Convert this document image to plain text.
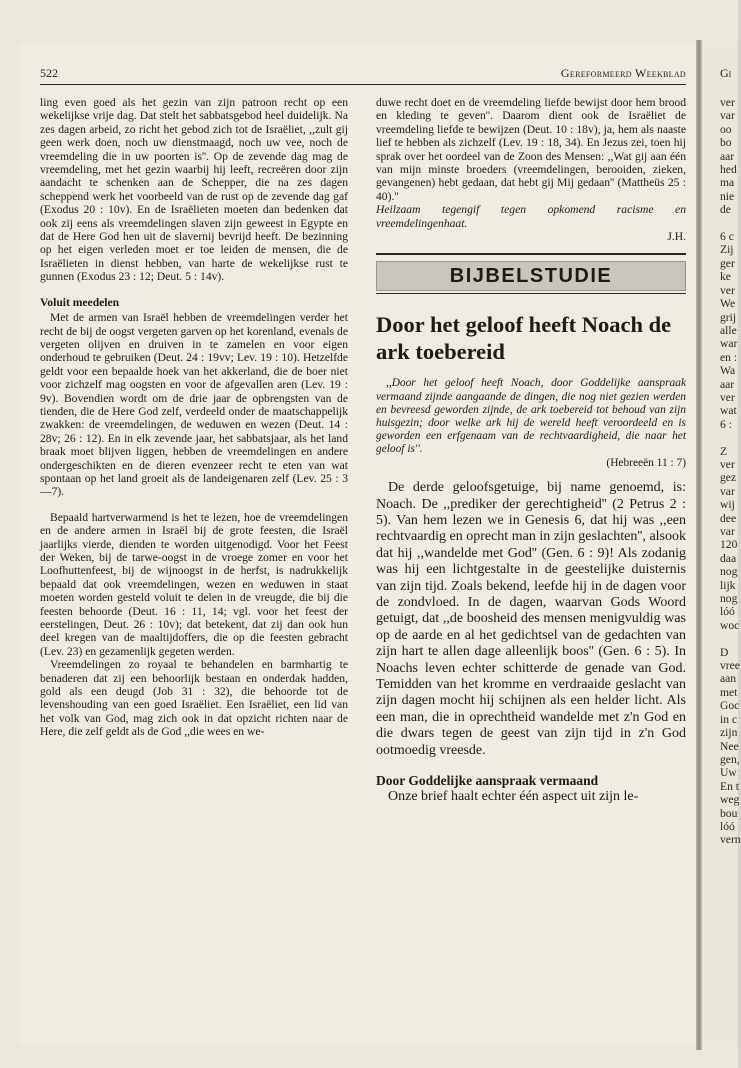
522	Gereformeerd Weekblad	Gi

ling even goed als het gezin van zijn patroon recht op een wekelijkse vrije dag. Dat stelt het sabbatsgebod heel duidelijk. Na zes dagen arbeid, zo richt het gebod zich tot de Israëliet, ,,zult gij geen werk doen, noch uw dienstmaagd, noch uw vee, noch de vreemdeling die in uw poorten is''. Op de zevende dag mag de vreemdeling, met het gezin waarbij hij leeft, recreëren door zijn aandacht te schenken aan de Schepper, die na zes dagen scheppend werk het voorbeeld van de rust op de zevende dag gaf (Exodus 20 : 10v). En de Israëlieten moeten dan bedenken dat ook zij eens als vreemdelingen slaven zijn geweest in Egypte en dat de Here God hen uit de slavernij bevrijd heeft. De bezinning op het eigen verleden moet er toe leiden de mensen, die de Israëlieten in dienst hebben, van harte de wekelijkse rust te gunnen (Exodus 23 : 12; Deut. 5 : 14v).

Voluit meedelen

Met de armen van Israël hebben de vreemdelingen verder het recht de bij de oogst vergeten garven op het korenland, evenals de vergeten olijven en druiven in te zamelen en voor eigen onderhoud te gebruiken (Deut. 24 : 19vv; Lev. 19 : 10). Hetzelfde geldt voor een bepaalde hoek van het akkerland, die de boer niet voor zichzelf mag oogsten en voor de afgevallen aren (Lev. 19 : 9v). Bovendien wordt om de drie jaar de opbrengsten van de tienden, die de Here God zelf, verdeeld onder de maatschappelijk zwakken: de vreemdelingen, de weduwen en wezen (Deut. 14 : 28v; 26 : 12). En in elk zevende jaar, het sabbatsjaar, als het land braak moet blijven liggen, hebben de vreemdelingen en andere ondergeschikten en de dieren evenzeer recht te eten van wat spontaan op het land groeit als de landeigenaren zelf (Lev. 25 : 3—7).

Bepaald hartverwarmend is het te lezen, hoe de vreemdelingen en de andere armen in Israël bij de grote feesten, die Israël jaarlijks vierde, dienden te worden uitgenodigd. Voor het Feest der Weken, bij de tarwe-oogst in de vroege zomer en voor het Loofhuttenfeest, bij de wijnoogst in de herfst, is nadrukkelijk bepaald dat ook vreemdelingen, wezen en weduwen in staat moeten worden gesteld voluit te delen in de vreugde, die bij die feesten behoorde (Deut. 16 : 11, 14; vgl. voor het feest der eerstelingen, Deut. 26 : 10v); dat betekent, dat zij dan ook hun deel kregen van de maaltijdoffers, die op die feesten gebracht (Lev. 23) en gezamenlijk gegeten werden.

Vreemdelingen zo royaal te behandelen en barmhartig te benaderen dat zij een behoorlijk bestaan en onderdak hadden, gold als een deugd (Job 31 : 32), die behoorde tot de levenshouding van een goed Israëliet. Een Israëliet, een lid van het volk van God, mag zich ook in dat opzicht richten naar de Here, die zelf geldt als de God ,,die wees en we-

duwe recht doet en de vreemdeling liefde bewijst door hem brood en kleding te geven''. Daarom dient ook de Israëliet de vreemdeling liefde te bewijzen (Deut. 10 : 18v), ja, hem als naaste lief te hebben als zichzelf (Lev. 19 : 18, 34). En Jezus zei, toen hij sprak over het oordeel van de Zoon des Mensen: ,,Wat gij aan één van mijn minste broeders (vreemdelingen, berooiden, zieken, gevangenen) hebt gedaan, dat hebt gij Mij gedaan'' (Mattheüs 25 : 40).''

Heilzaam tegengif tegen opkomend racisme en vreemdelingenhaat.

J.H.

BIJBELSTUDIE
Door het geloof heeft Noach de ark toebereid

,,Door het geloof heeft Noach, door Goddelijke aanspraak vermaand zijnde aangaande de dingen, die nog niet gezien werden en bevreesd geworden zijnde, de ark toebereid tot behoud van zijn huisgezin; door welke ark hij de wereld heeft veroordeeld en is geworden een erfgenaam van de rechtvaardigheid, die naar het geloof is''.

(Hebreeën 11 : 7)

De derde geloofsgetuige, bij name genoemd, is: Noach. De ,,prediker der gerechtigheid'' (2 Petrus 2 : 5). Van hem lezen we in Genesis 6, dat hij was ,,een rechtvaardig en oprecht man in zijn geslachten'', alsook dat hij ,,wandelde met God'' (Gen. 6 : 9)! Als zodanig was hij een lichtgestalte in de geestelijke duisternis van zijn tijd. Zoals bekend, leefde hij in de dagen voor de zondvloed. In de dagen, waarvan Gods Woord getuigt, dat ,,de boosheid des mensen menigvuldig was op de aarde en al het gedichtsel van de gedachten van zijn hart te allen dage alleenlijk boos'' (Gen. 6 : 5). In Noachs leven echter schitterde de genade van God. Temidden van het kromme en verdraaide geslacht van zijn dagen mocht hij schijnen als een helder licht. Als een man, die in oprechtheid wandelde met z'n God en die dwars tegen de geest van zijn tijd in z'n God ootmoedig vreesde.

Door Goddelijke aanspraak vermaand

Onze brief haalt echter één aspect uit zijn le-

ver
var
oo
bo
aar
hed
ma
nie
de

6 c
Zij
ger
ke
ver
We
grij
alle
war
en :
Wa
aar
ver
wat
6 :

Z
ver
gez
var
wij
dee
var
120
daa
nog
lijk
nog
lóó
woc

D
vree
aan
met
Goc
in c
zijn
Nee
gen,
Uw
En t
weg
bou
lóó
vern
